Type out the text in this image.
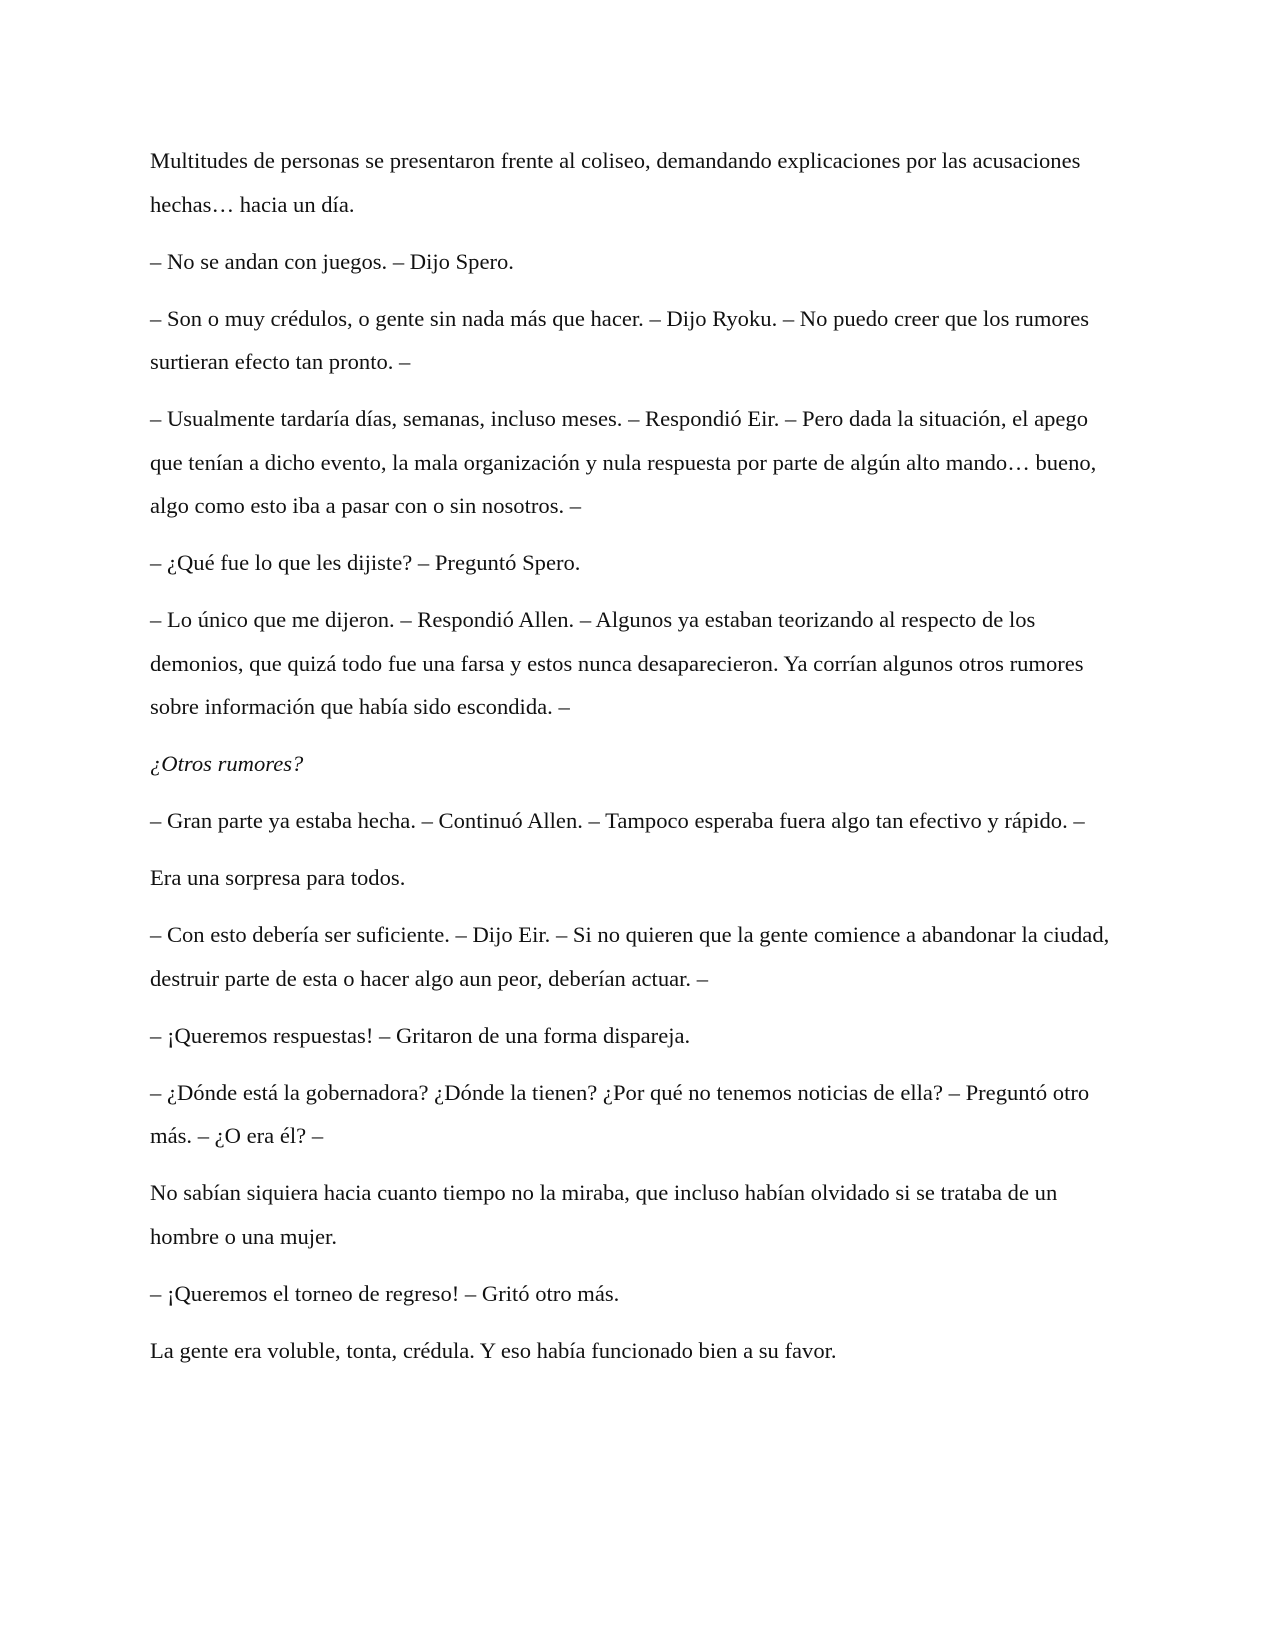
Multitudes de personas se presentaron frente al coliseo, demandando explicaciones por las acusaciones hechas… hacia un día.

– No se andan con juegos. – Dijo Spero.

– Son o muy crédulos, o gente sin nada más que hacer. – Dijo Ryoku. – No puedo creer que los rumores surtieran efecto tan pronto. –

– Usualmente tardaría días, semanas, incluso meses. – Respondió Eir. – Pero dada la situación, el apego que tenían a dicho evento, la mala organización y nula respuesta por parte de algún alto mando… bueno, algo como esto iba a pasar con o sin nosotros. –

– ¿Qué fue lo que les dijiste? – Preguntó Spero.

– Lo único que me dijeron. – Respondió Allen. – Algunos ya estaban teorizando al respecto de los demonios, que quizá todo fue una farsa y estos nunca desaparecieron. Ya corrían algunos otros rumores sobre información que había sido escondida. –

¿Otros rumores?

– Gran parte ya estaba hecha. – Continuó Allen. – Tampoco esperaba fuera algo tan efectivo y rápido. –

Era una sorpresa para todos.

– Con esto debería ser suficiente. – Dijo Eir. – Si no quieren que la gente comience a abandonar la ciudad, destruir parte de esta o hacer algo aun peor, deberían actuar. –

– ¡Queremos respuestas! – Gritaron de una forma dispareja.

– ¿Dónde está la gobernadora? ¿Dónde la tienen? ¿Por qué no tenemos noticias de ella? – Preguntó otro más. – ¿O era él? –

No sabían siquiera hacia cuanto tiempo no la miraba, que incluso habían olvidado si se trataba de un hombre o una mujer.

– ¡Queremos el torneo de regreso! – Gritó otro más.

La gente era voluble, tonta, crédula. Y eso había funcionado bien a su favor.
